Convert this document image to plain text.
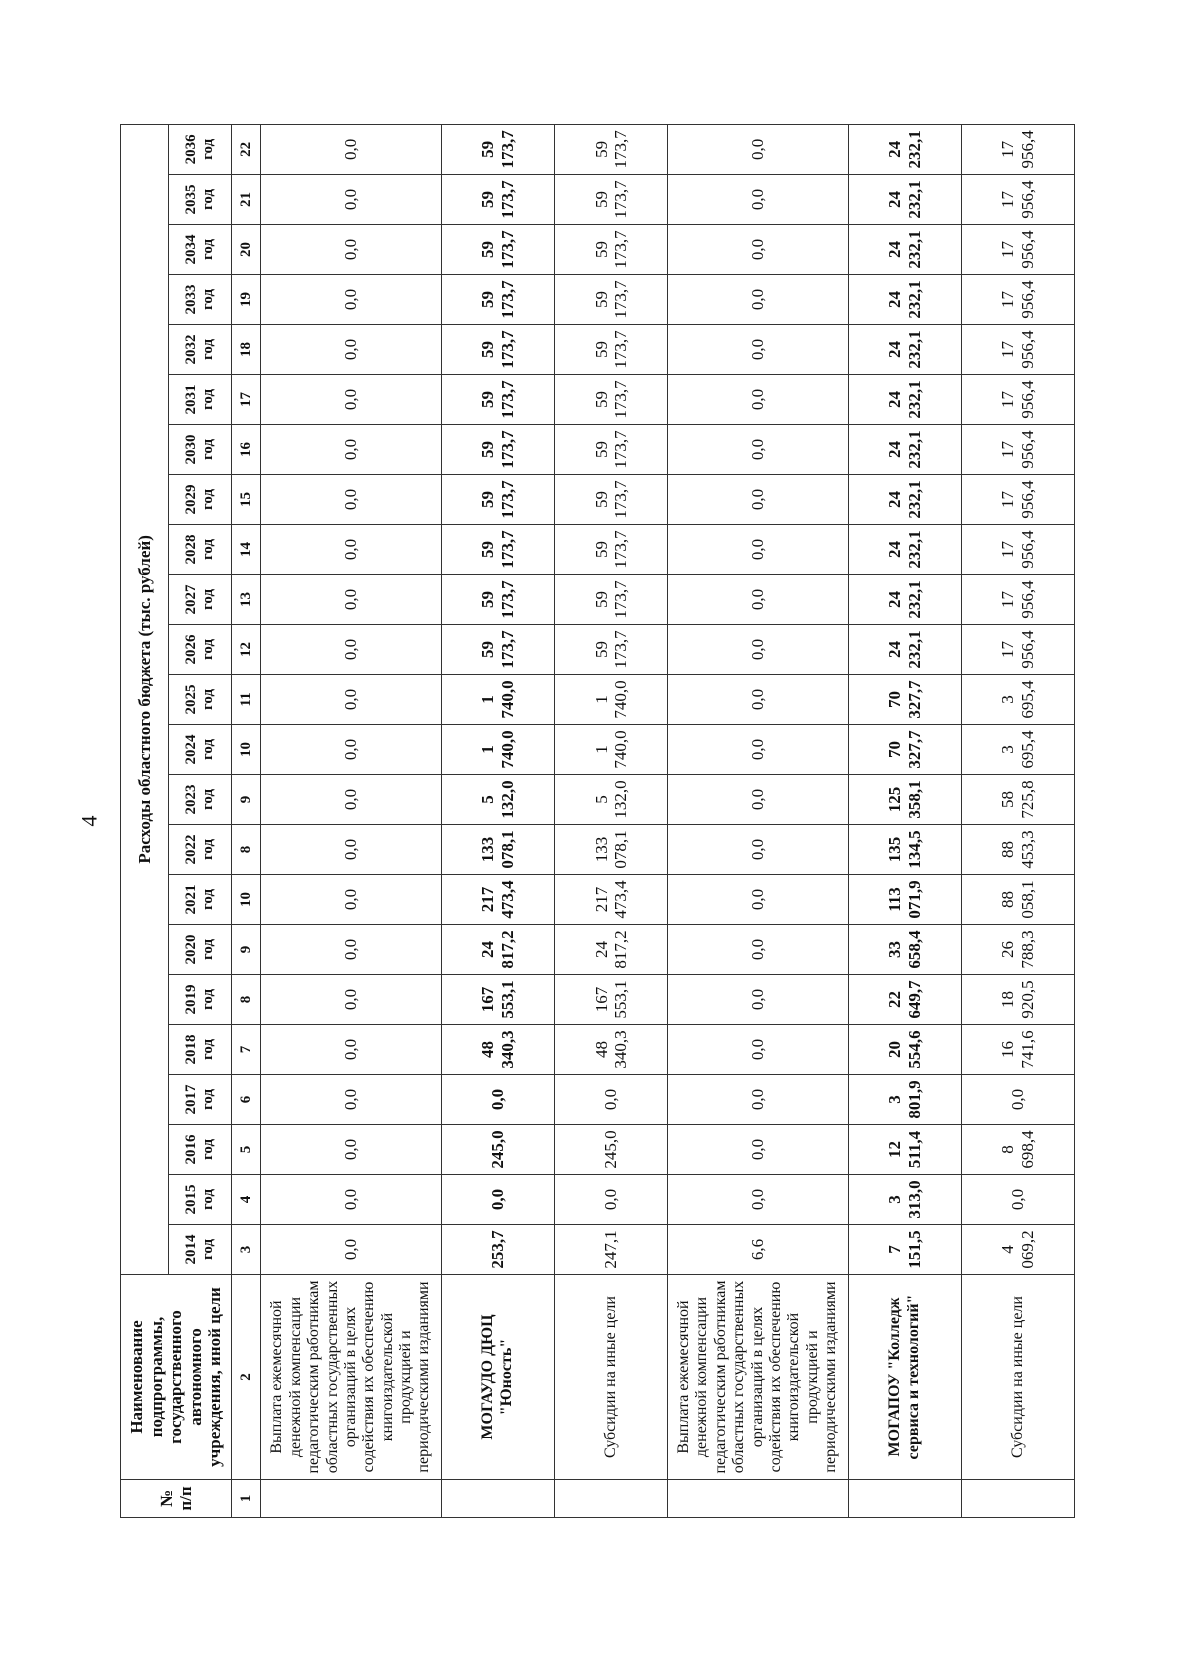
4
№ п/п	Наименование подпрограммы, государственного автономного учреждения, иной цели	Расходы областного бюджета (тыс. рублей)																						
		2014 год	2015 год	2016 год	2017 год	2018 год	2019 год	2020 год	2021 год	2022 год	2023 год	2024 год	2025 год	2026 год	2027 год	2028 год	2029 год	2030 год	2031 год	2032 год	2033 год	2034 год	2035 год	2036 год
1	2	3	4	5	6	7	8	9	10	8	9	10	11	12	13	14	15	16	17	18	19	20	21	22
	Выплата ежемесячной денежной компенсации педагогическим работникам областных государственных организаций в целях содействия их обеспечению книгоиздательской продукцией и периодическими изданиями	0,0	0,0	0,0	0,0	0,0	0,0	0,0	0,0	0,0	0,0	0,0	0,0	0,0	0,0	0,0	0,0	0,0	0,0	0,0	0,0	0,0	0,0	0,0
	МОГАУДО ДЮЦ "Юность"	253,7	0,0	245,0	0,0	48 340,3	167 553,1	24 817,2	217 473,4	133 078,1	5 132,0	1 740,0	1 740,0	59 173,7	59 173,7	59 173,7	59 173,7	59 173,7	59 173,7	59 173,7	59 173,7	59 173,7	59 173,7	59 173,7
	Субсидии на иные цели	247,1	0,0	245,0	0,0	48 340,3	167 553,1	24 817,2	217 473,4	133 078,1	5 132,0	1 740,0	1 740,0	59 173,7	59 173,7	59 173,7	59 173,7	59 173,7	59 173,7	59 173,7	59 173,7	59 173,7	59 173,7	59 173,7
	Выплата ежемесячной денежной компенсации педагогическим работникам областных государственных организаций в целях содействия их обеспечению книгоиздательской продукцией и периодическими изданиями	6,6	0,0	0,0	0,0	0,0	0,0	0,0	0,0	0,0	0,0	0,0	0,0	0,0	0,0	0,0	0,0	0,0	0,0	0,0	0,0	0,0	0,0	0,0
	МОГАПОУ "Колледж сервиса и технологий"	7 151,5	3 313,0	12 511,4	3 801,9	20 554,6	22 649,7	33 658,4	113 071,9	135 134,5	125 358,1	70 327,7	70 327,7	24 232,1	24 232,1	24 232,1	24 232,1	24 232,1	24 232,1	24 232,1	24 232,1	24 232,1	24 232,1	24 232,1
	Субсидии на иные цели	4 069,2	0,0	8 698,4	0,0	16 741,6	18 920,5	26 788,3	88 058,1	88 453,3	58 725,8	3 695,4	3 695,4	17 956,4	17 956,4	17 956,4	17 956,4	17 956,4	17 956,4	17 956,4	17 956,4	17 956,4	17 956,4	17 956,4
